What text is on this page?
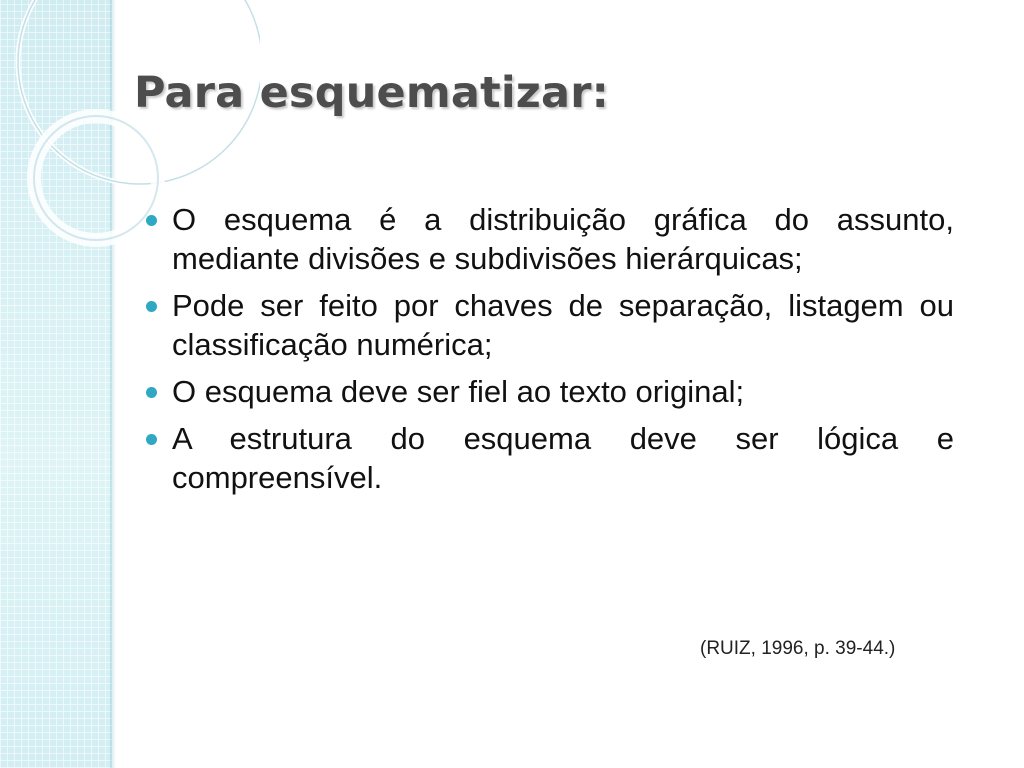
Para esquematizar:
O esquema é a distribuição gráfica do assunto, mediante divisões e subdivisões hierárquicas;
Pode ser feito por chaves de separação, listagem ou classificação numérica;
O esquema deve ser fiel ao texto original;
A estrutura do esquema deve ser lógica e compreensível.

(RUIZ, 1996, p. 39-44.)
